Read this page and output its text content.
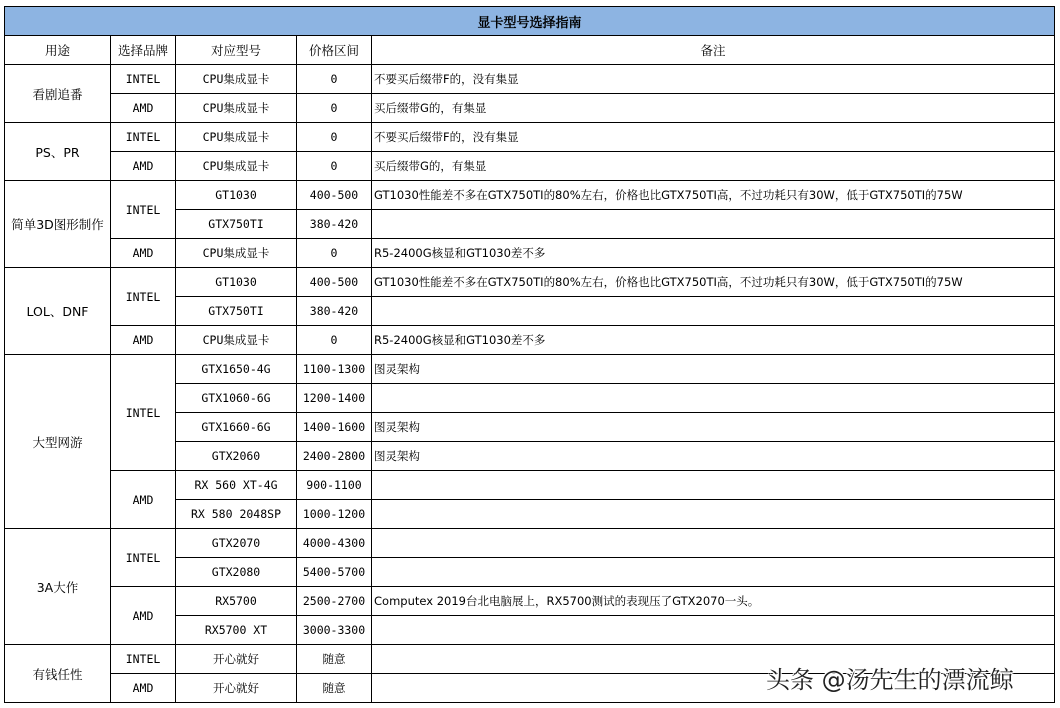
显卡型号选择指南				
用途	选择品牌	对应型号	价格区间	备注
看剧追番	INTEL	CPU集成显卡	0	不要买后缀带F的，没有集显
	AMD	CPU集成显卡	0	买后缀带G的，有集显
PS、PR	INTEL	CPU集成显卡	0	不要买后缀带F的，没有集显
	AMD	CPU集成显卡	0	买后缀带G的，有集显
简单3D图形制作	INTEL	GT1030	400-500	GT1030性能差不多在GTX750TI的80%左右，价格也比GTX750TI高，不过功耗只有30W，低于GTX750TI的75W
		GTX750TI	380-420	
	AMD	CPU集成显卡	0	R5-2400G核显和GT1030差不多
LOL、DNF	INTEL	GT1030	400-500	GT1030性能差不多在GTX750TI的80%左右，价格也比GTX750TI高，不过功耗只有30W，低于GTX750TI的75W
		GTX750TI	380-420	
	AMD	CPU集成显卡	0	R5-2400G核显和GT1030差不多
大型网游	INTEL	GTX1650-4G	1100-1300	图灵架构
		GTX1060-6G	1200-1400	
		GTX1660-6G	1400-1600	图灵架构
		GTX2060	2400-2800	图灵架构
	AMD	RX 560 XT-4G	900-1100	
		RX 580 2048SP	1000-1200	
3A大作	INTEL	GTX2070	4000-4300	
		GTX2080	5400-5700	
	AMD	RX5700	2500-2700	Computex 2019台北电脑展上，RX5700测试的表现压了GTX2070一头。
		RX5700 XT	3000-3300	
有钱任性	INTEL	开心就好	随意	
	AMD	开心就好	随意		头条 @汤先生的漂流鲸
